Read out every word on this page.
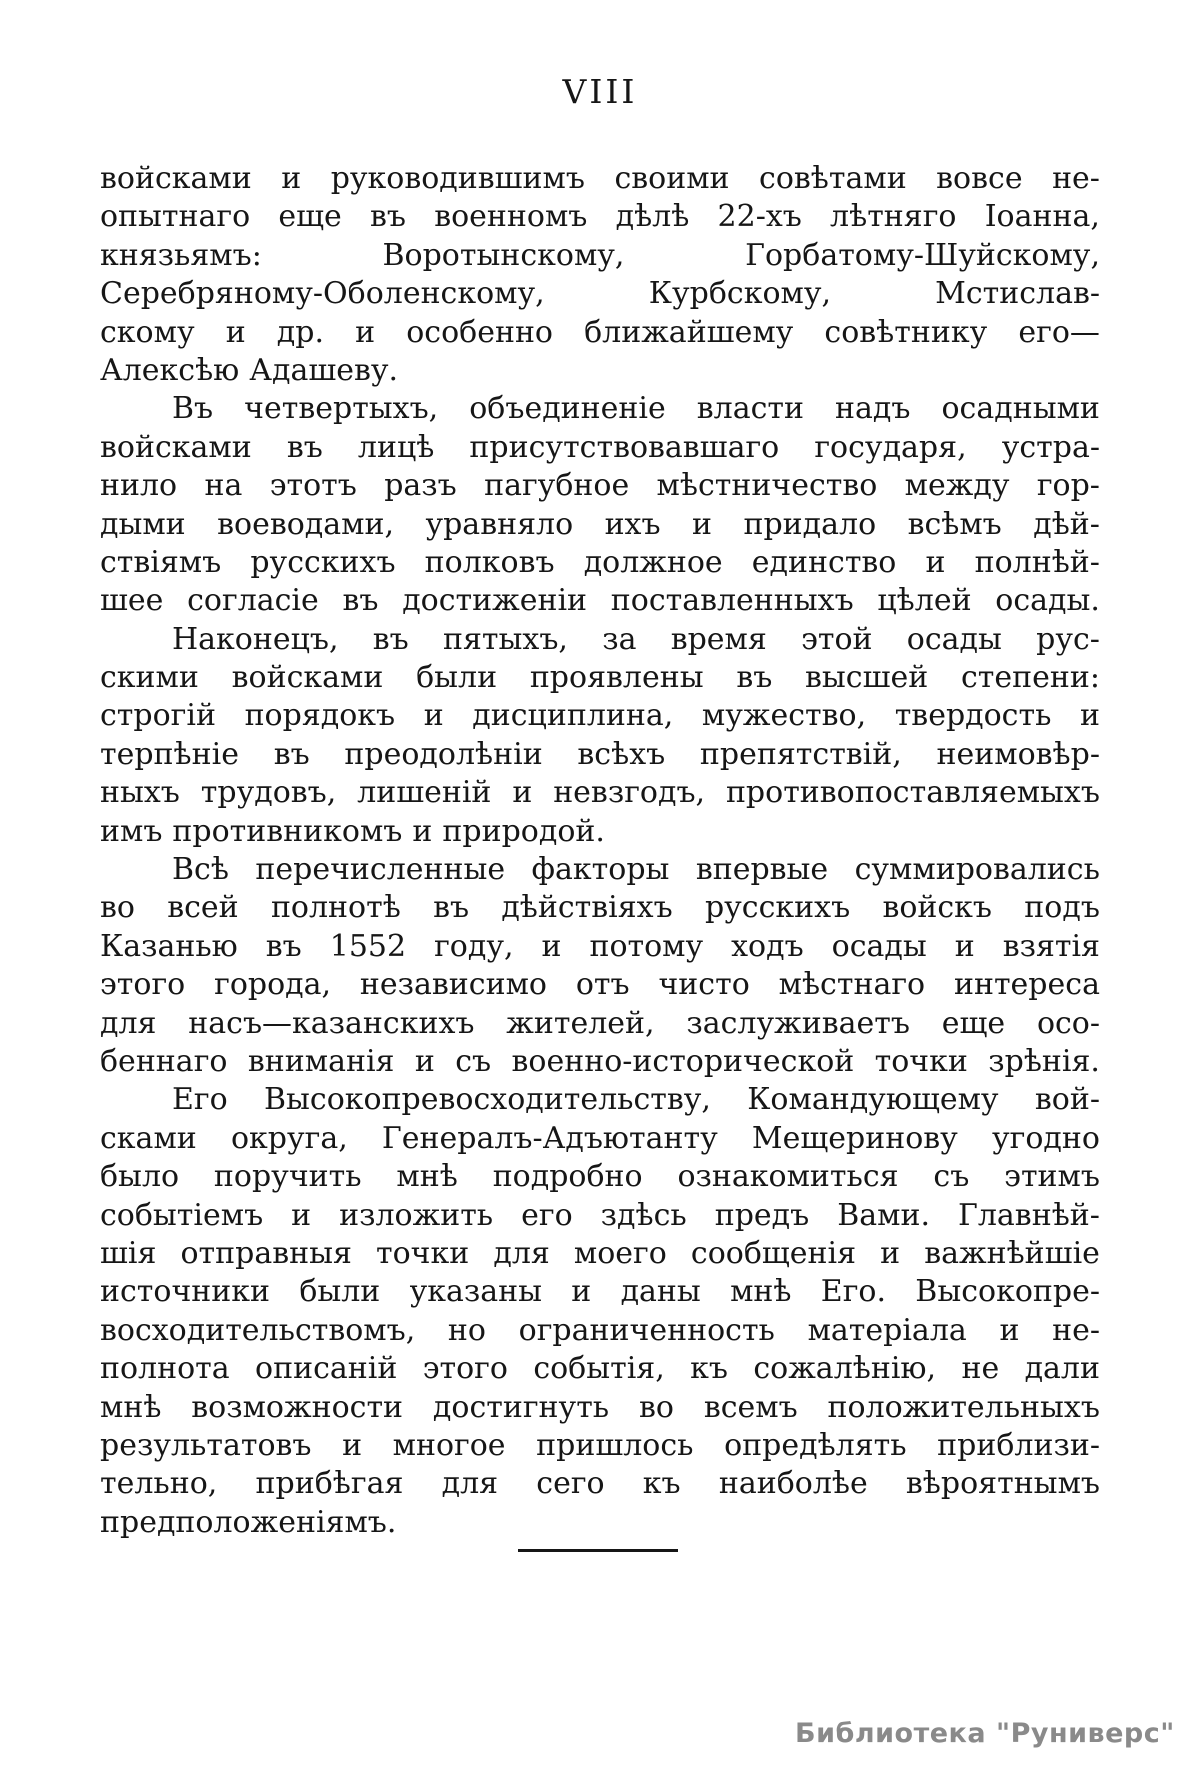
VIII
войсками и руководившимъ своими совѣтами вовсе не-
опытнаго еще въ военномъ дѣлѣ 22-хъ лѣтняго Іоанна,
князьямъ:	Воротынскому,	Горбатому-Шуйскому,
Серебряному-Оболенскому,	Курбскому,	Мстислав-
скому и др. и особенно ближайшему совѣтнику его—
Алексѣю Адашеву.
Въ четвертыхъ, объединеніе власти надъ осадными
войсками въ лицѣ присутствовавшаго государя, устра-
нило на этотъ разъ пагубное мѣстничество между гор-
дыми воеводами, уравняло ихъ и придало всѣмъ дѣй-
ствіямъ русскихъ полковъ должное единство и полнѣй-
шее согласіе въ достиженіи поставленныхъ цѣлей осады.
Наконецъ, въ пятыхъ, за время этой осады рус-
скими войсками были проявлены въ высшей степени:
строгій порядокъ и дисциплина, мужество, твердость и
терпѣніе въ преодолѣніи всѣхъ препятствій, неимовѣр-
ныхъ трудовъ, лишеній и невзгодъ, противопоставляемыхъ
имъ противникомъ и природой.
Всѣ перечисленные факторы впервые суммировались
во всей полнотѣ въ дѣйствіяхъ русскихъ войскъ подъ
Казанью въ 1552 году, и потому ходъ осады и взятія
этого города, независимо отъ чисто мѣстнаго интереса
для насъ—казанскихъ жителей, заслуживаетъ еще осо-
беннаго вниманія и съ военно-исторической точки зрѣнія.
Его Высокопревосходительству, Командующему вой-
сками округа, Генералъ-Адъютанту Мещеринову угодно
было поручить мнѣ подробно ознакомиться съ этимъ
событіемъ и изложить его здѣсь предъ Вами. Главнѣй-
шія отправныя точки для моего сообщенія и важнѣйшіе
источники были указаны и даны мнѣ Его. Высокопре-
восходительствомъ, но ограниченность матеріала и не-
полнота описаній этого событія, къ сожалѣнію, не дали
мнѣ возможности достигнуть во всемъ положительныхъ
результатовъ и многое пришлось опредѣлять приблизи-
тельно, прибѣгая для сего къ наиболѣе вѣроятнымъ
предположеніямъ.
Библиотека "Руниверс"
